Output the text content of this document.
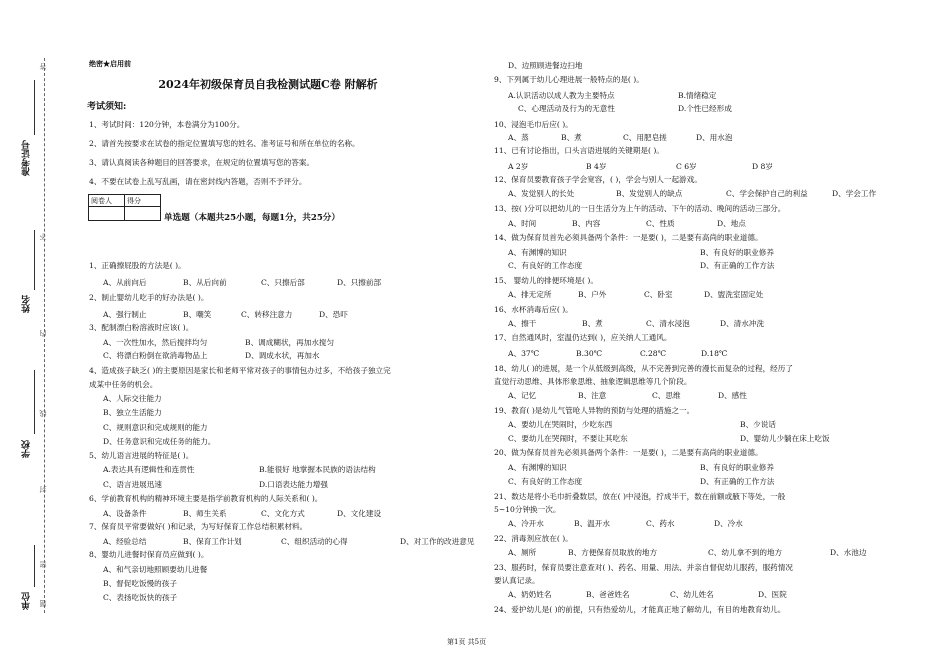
准考证号
姓名
学校
单位
答
不
内
线
封
密
题
绝密★启用前
2024年初级保育员自我检测试题C卷 附解析
考试须知:
1、考试时间：120分钟，本卷满分为100分。
2、请首先按要求在试卷的指定位置填写您的姓名、准考证号和所在单位的名称。
3、请认真阅读各种题目的回答要求，在规定的位置填写您的答案。
4、不要在试卷上乱写乱画，请在密封线内答题，否则不予评分。
阅卷人	得分

单选题（本题共25小题，每题1分，共25分）
1、正确擦屁股的方法是( )。
A、从前向后	B、从后向前	C、只擦后部	D、只擦前部
2、制止婴幼儿吃手的好办法是( )。
A、强行制止	B、嘲笑	C、转移注意力	D、恐吓
3、配制漂白粉溶液时应该( )。
A、一次性加水，然后搅拌均匀	B、调成糊状，再加水搅匀
C、将漂白粉倒在欲消毒物品上	D、调成水状，再加水
4、造成孩子缺乏( )的主要原因是家长和老师平常对孩子的事情包办过多，不给孩子独立完
成某中任务的机会。
A、人际交往能力
B、独立生活能力
C、规则意识和完成规则的能力
D、任务意识和完成任务的能力。
5、幼儿语言进展的特征是( )。
A.表达具有逻辑性和连贯性	B.能很好 地掌握本民族的语法结构
C、语言进展迅速	D.口语表达能力增强
6、学前教育机构的精神环境主要是指学前教育机构的人际关系和( )。
A、设备条件	B、师生关系	C、文化方式	D、文化建设
7、保育员平常要做好( )和记录，为写好保育工作总结积累材料。
A、经验总结	B、保育工作计划	C、组织活动的心得	D、对工作的改进意见
8、婴幼儿进餐时保育员应做到( )。
A、和气亲切地照顾要幼儿进餐
B、督促吃饭慢的孩子
C、表扬吃饭快的孩子
D、边照顾进餐边扫地
9、下列属于幼儿心理进展一般特点的是( )。
A.认识活动以成人教为主要特点	B.情绪稳定
C、心理活动及行为的无意性	D.个性已经形成
10、浸泡毛巾后应( )。
A、蒸	B、煮	C、用肥皂搓	D、用水泡
11、已有讨论指出，口头言语进展的关键期是( )。
A 2岁	B 4岁	C 6岁	D 8岁
12、保育员要教育孩子学会宽容，( )，学会与别人一起游戏。
A、发觉别人的长处	B、发觉别人的缺点	C、学会保护自己的利益	D、学会工作
13、按( )分可以把幼儿的一日生活分为上午的活动、下午的活动、晚间的活动三部分。
A、时间	B、内容	C、性质	D、地点
14、做为保育员首先必须具备两个条件：一是要( )，二是要有高尚的职业道德。
A、有渊博的知识	B、有良好的职业修养
C、有良好的工作态度	D、有正确的工作方法
15、 婴幼儿的排便环境是( )。
A、排无定所	B、户外	C、卧室	D、盥洗室固定处
16、水杯消毒后应( )。
A、擦干	B、煮	C、清水浸泡	D、清水冲洗
17、自然通风时，室温仍达到( )，应关纳人工通风。
A、37℃	B.30℃	C.28℃	D.18℃
18、幼儿( )的进展，是一个从低级到高级，从不完善到完善的漫长而复杂的过程，经历了
直觉行动思维、具体形象思维、抽象逻辑思维等几个阶段。
A、记忆	B、注意	C、思维	D、感性
19、教育( )是幼儿气管呛人异物的预防与处理的措施之一。
A、要幼儿在哭闹时，少吃东西	B、少说话
C、要幼儿在哭闹时，不要让其吃东	D、婴幼儿少躺在床上吃饭
20、做为保育员首先必须具备两个条件：一是要( )，二是要有高尚的职业道德。
A、有渊博的知识	B、有良好的职业修养
C、有良好的工作态度	D、有正确的工作方法
21、数达是将小毛巾折叠数层，放在( )中浸泡，拧成半干，数在前额或腋下等处，一般
5~10分钟换一次。
A、冷开水	B、温开水	C、药水	D、冷水
22、消毒剂应放在( )。
A、厕所	B、方便保育员取放的地方	C、幼儿拿不到的地方	D、水池边
23、服药时，保育员要注意查对( )、药名、用量、用法、并亲自督促幼儿服药，服药情况
要认真记录。
A、奶奶姓名	B、爸爸姓名	C、幼儿姓名	D、医院
24、爱护幼儿是( )的前提，只有热爱幼儿，才能真正地了解幼儿，有目的地教育幼儿。
第1页 共5页
